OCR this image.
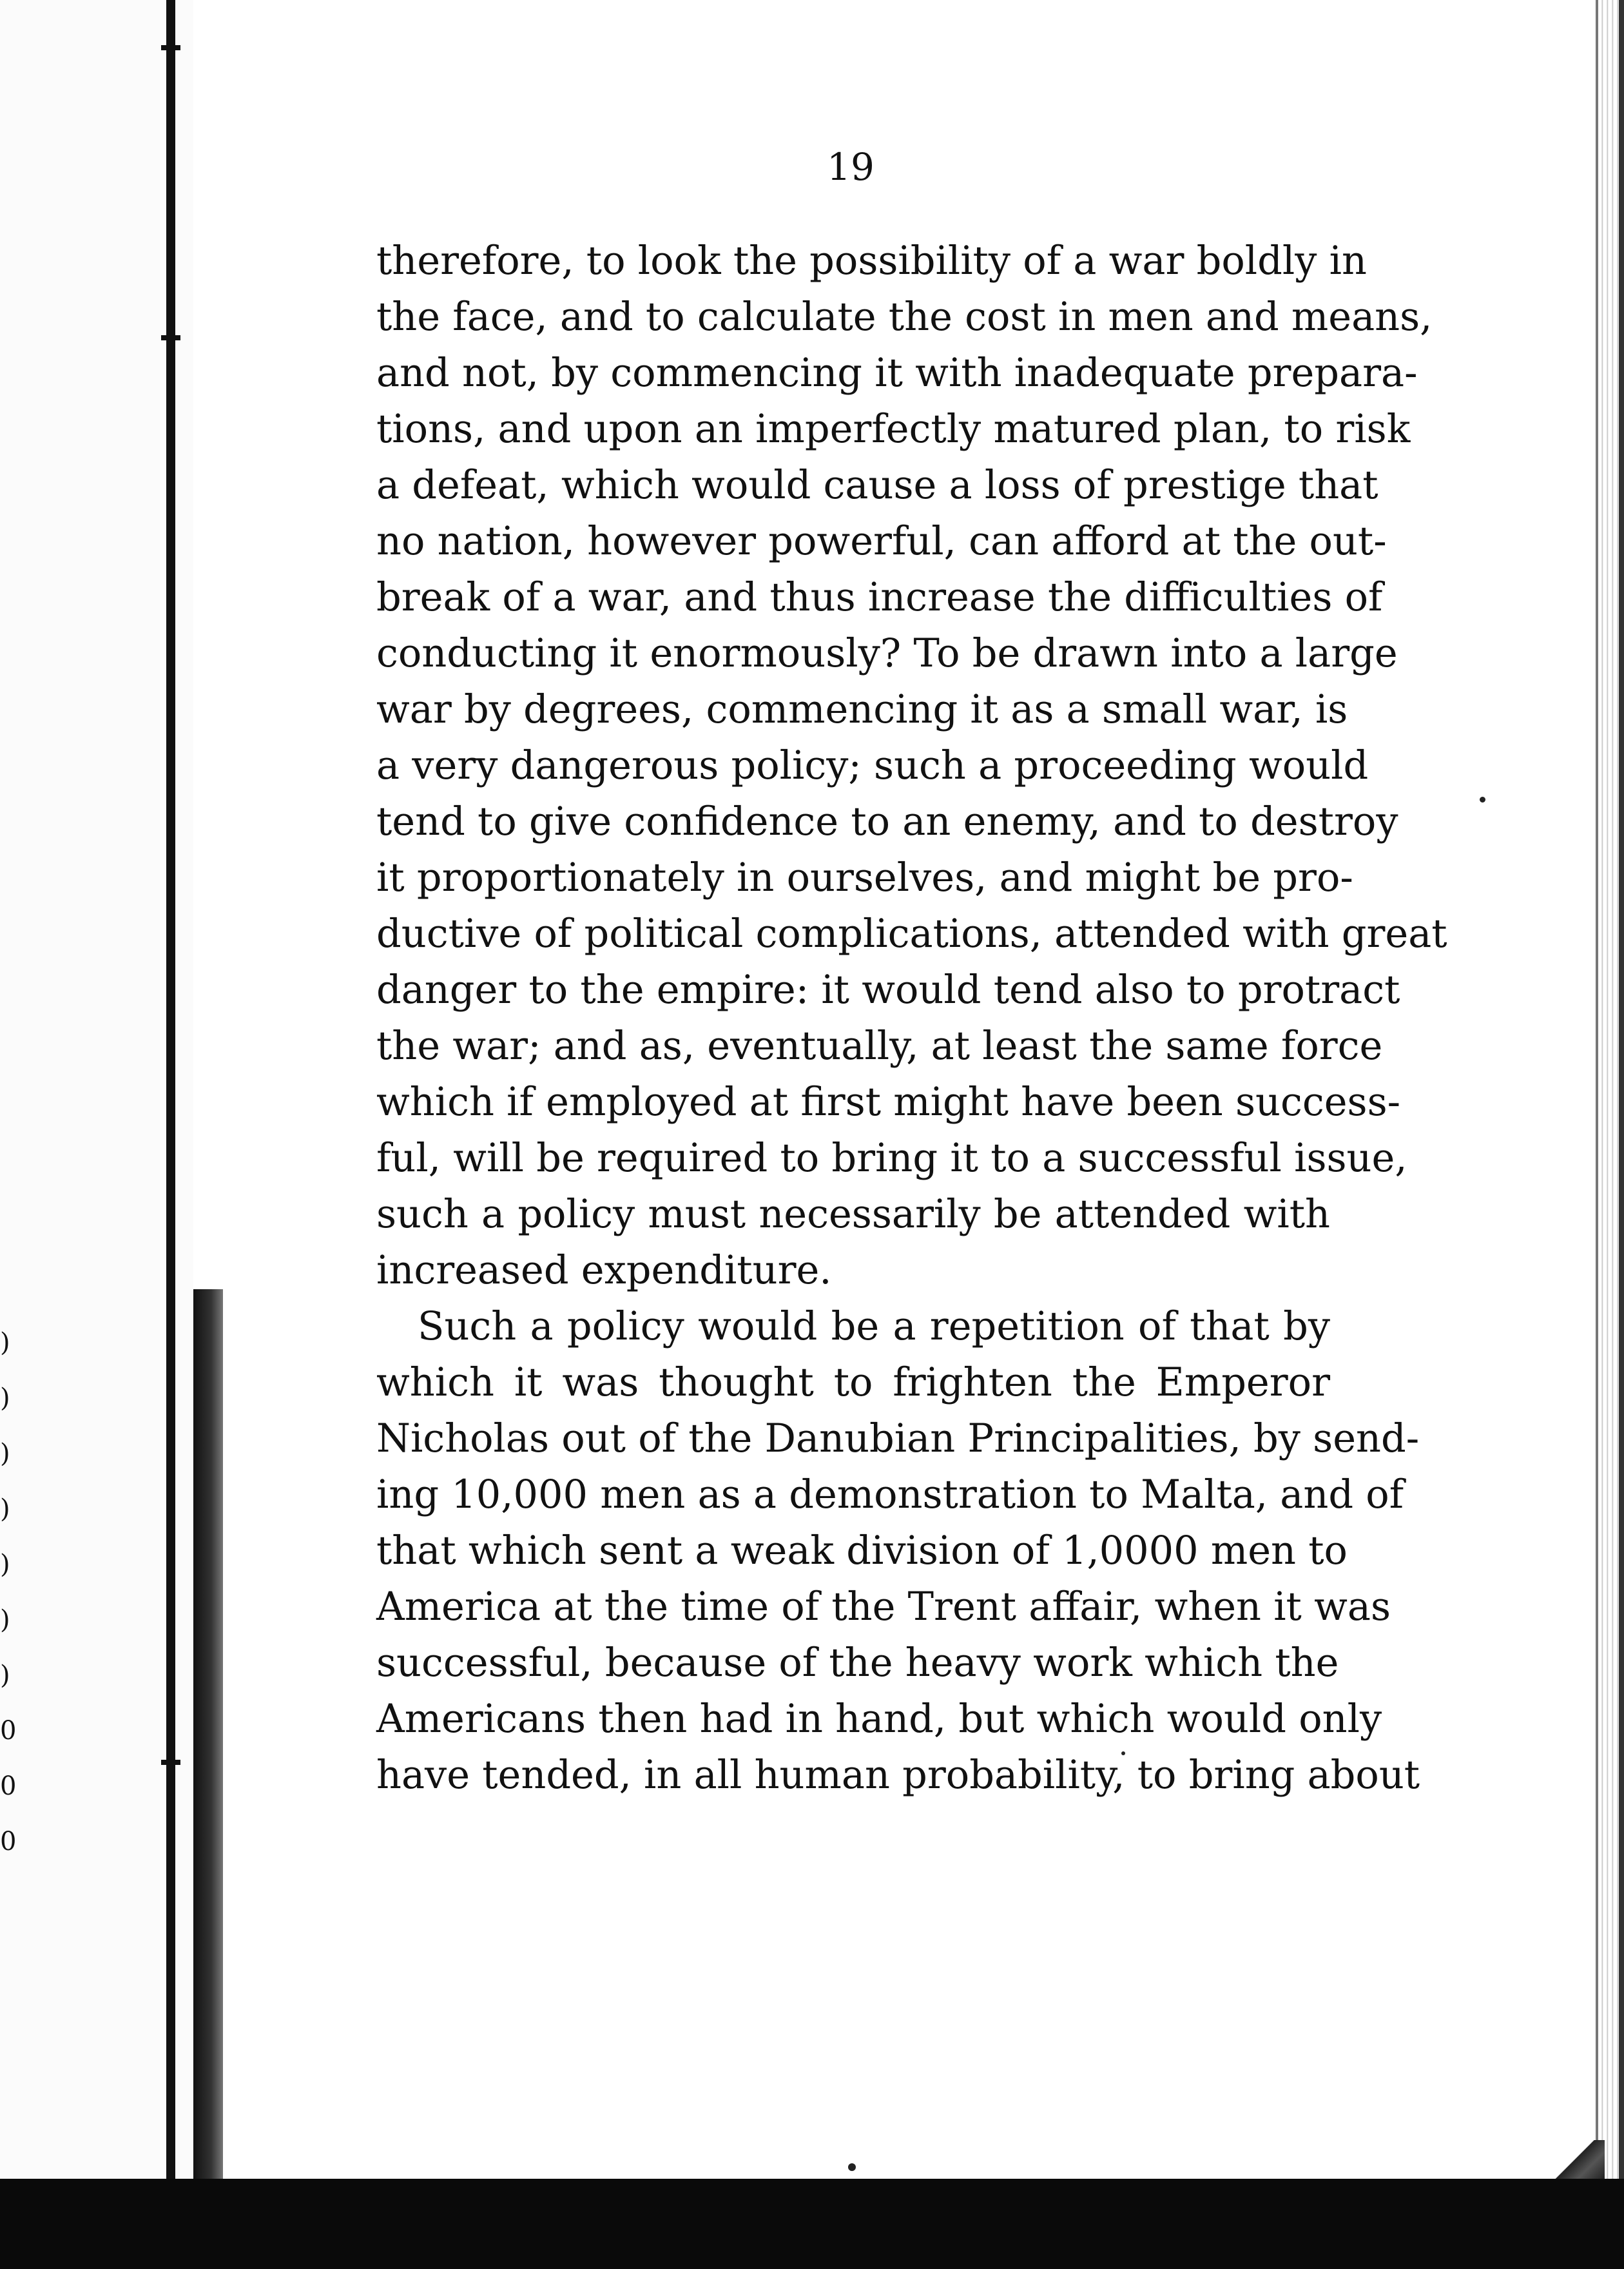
)
)
)
)
)
)
)
0
0
0
19
therefore, to look the possibility of a war boldly in
the face, and to calculate the cost in men and means,
and not, by commencing it with inadequate prepara-
tions, and upon an imperfectly matured plan, to risk
a defeat, which would cause a loss of prestige that
no nation, however powerful, can afford at the out-
break of a war, and thus increase the difficulties of
conducting it enormously? To be drawn into a large
war by degrees, commencing it as a small war, is
a very dangerous policy; such a proceeding would
tend to give confidence to an enemy, and to destroy
it proportionately in ourselves, and might be pro-
ductive of political complications, attended with great
danger to the empire: it would tend also to protract
the war; and as, eventually, at least the same force
which if employed at first might have been success-
ful, will be required to bring it to a successful issue,
such a policy must necessarily be attended with
increased expenditure.
Such a policy would be a repetition of that by
which it was thought to frighten the Emperor
Nicholas out of the Danubian Principalities, by send-
ing 10,000 men as a demonstration to Malta, and of
that which sent a weak division of 1,0000 men to
America at the time of the Trent affair, when it was
successful, because of the heavy work which the
Americans then had in hand, but which would only
have tended, in all human probability, to bring about
